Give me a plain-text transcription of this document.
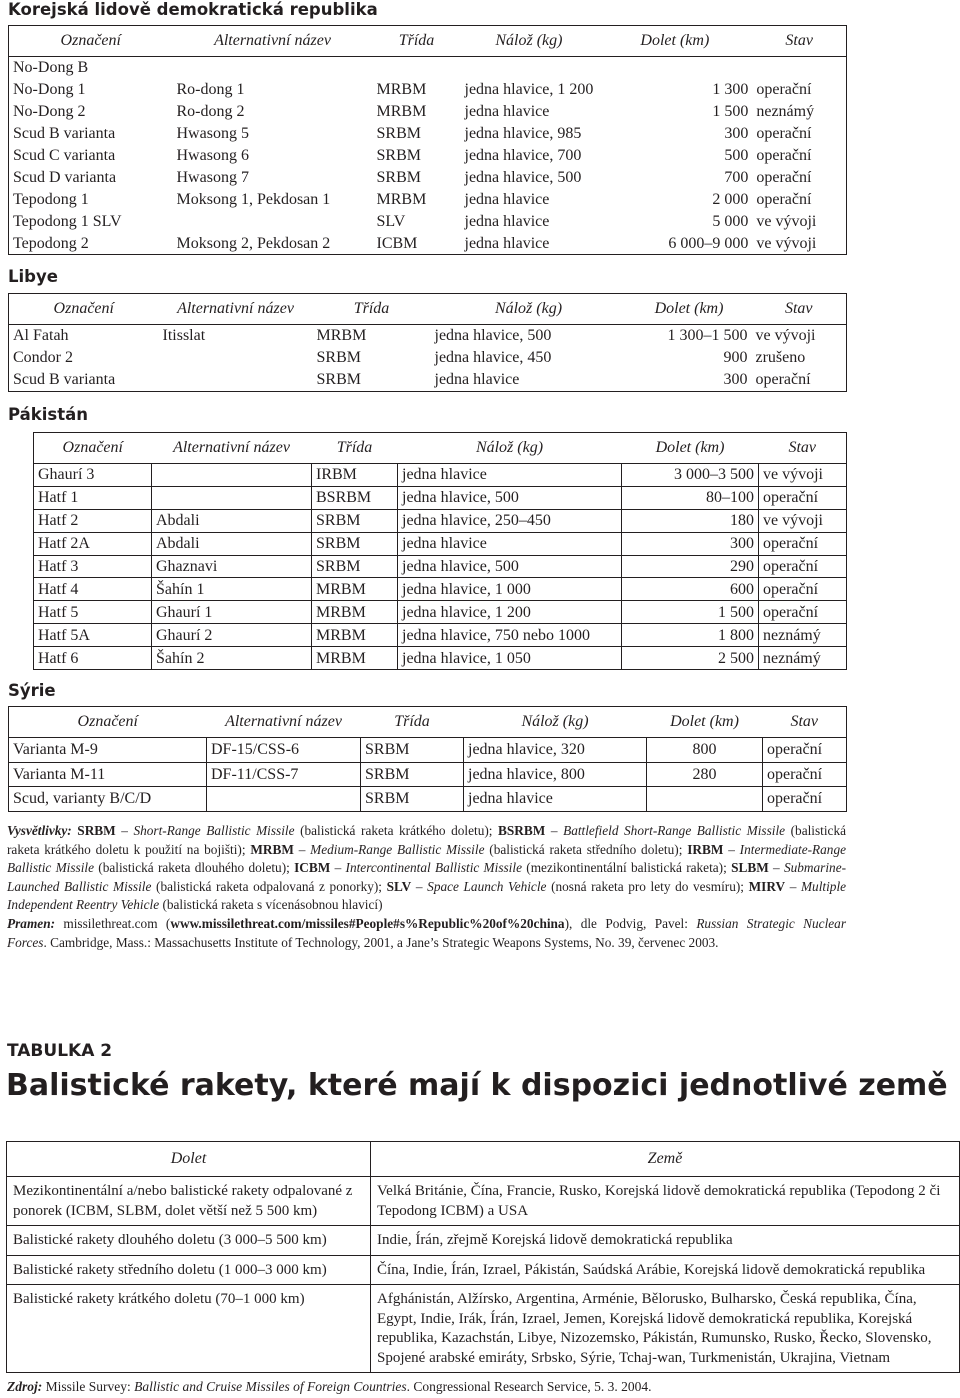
Korejská lidově demokratická republika
Označení	Alternativní název	Třída	Nálož (kg)	Dolet (km)	Stav
No-Dong B					
No-Dong 1	Ro-dong 1	MRBM	jedna hlavice, 1 200	1 300	operační
No-Dong 2	Ro-dong 2	MRBM	jedna hlavice	1 500	neznámý
Scud B varianta	Hwasong 5	SRBM	jedna hlavice, 985	300	operační
Scud C varianta	Hwasong 6	SRBM	jedna hlavice, 700	500	operační
Scud D varianta	Hwasong 7	SRBM	jedna hlavice, 500	700	operační
Tepodong 1	Moksong 1, Pekdosan 1	MRBM	jedna hlavice	2 000	operační
Tepodong 1 SLV		SLV	jedna hlavice	5 000	ve vývoji
Tepodong 2	Moksong 2, Pekdosan 2	ICBM	jedna hlavice	6 000–9 000	ve vývoji
Libye
Označení	Alternativní název	Třída	Nálož (kg)	Dolet (km)	Stav
Al Fatah	Itisslat	MRBM	jedna hlavice, 500	1 300–1 500	ve vývoji
Condor 2		SRBM	jedna hlavice, 450	900	zrušeno
Scud B varianta		SRBM	jedna hlavice	300	operační
Pákistán
Označení	Alternativní název	Třída	Nálož (kg)	Dolet (km)	Stav
Ghaurí 3		IRBM	jedna hlavice	3 000–3 500	ve vývoji
Hatf 1		BSRBM	jedna hlavice, 500	80–100	operační
Hatf 2	Abdali	SRBM	jedna hlavice, 250–450	180	ve vývoji
Hatf 2A	Abdali	SRBM	jedna hlavice	300	operační
Hatf 3	Ghaznavi	SRBM	jedna hlavice, 500	290	operační
Hatf 4	Šahín 1	MRBM	jedna hlavice, 1 000	600	operační
Hatf 5	Ghaurí 1	MRBM	jedna hlavice, 1 200	1 500	operační
Hatf 5A	Ghaurí 2	MRBM	jedna hlavice, 750 nebo 1000	1 800	neznámý
Hatf 6	Šahín 2	MRBM	jedna hlavice, 1 050	2 500	neznámý
Sýrie
Označení	Alternativní název	Třída	Nálož (kg)	Dolet (km)	Stav
Varianta M-9	DF-15/CSS-6	SRBM	jedna hlavice, 320	800	operační
Varianta M-11	DF-11/CSS-7	SRBM	jedna hlavice, 800	280	operační
Scud, varianty B/C/D		SRBM	jedna hlavice		operační
Vysvětlivky: SRBM – Short-Range Ballistic Missile (balistická raketa krátkého doletu); BSRBM – Battlefield Short-Range Ballistic Missile (balistická raketa krátkého doletu k použití na bojišti); MRBM – Medium-Range Ballistic Missile (balistická raketa středního doletu); IRBM – Intermediate-Range Ballistic Missile (balistická raketa dlouhého doletu); ICBM – Intercontinental Ballistic Missile (mezikontinentální balistická raketa); SLBM – Submarine-Launched Ballistic Missile (balistická raketa odpalovaná z ponorky); SLV – Space Launch Vehicle (nosná raketa pro lety do vesmíru); MIRV – Multiple Independent Reentry Vehicle (balistická raketa s vícenásobnou hlavicí)
Pramen: missilethreat.com (www.missilethreat.com/missiles#People#s%Republic%20of%20china), dle Podvig, Pavel: Russian Strategic Nuclear Forces. Cambridge, Mass.: Massachusetts Institute of Technology, 2001, a Jane’s Strategic Weapons Systems, No. 39, červenec 2003.
TABULKA 2
Balistické rakety, které mají k dispozici jednotlivé země
Dolet	Země
Mezikontinentální a/nebo balistické rakety odpalované z ponorek (ICBM, SLBM, dolet větší než 5 500 km)	Velká Británie, Čína, Francie, Rusko, Korejská lidově demokratická republika (Tepodong 2 či Tepodong ICBM) a USA
Balistické rakety dlouhého doletu (3 000–5 500 km)	Indie, Írán, zřejmě Korejská lidově demokratická republika
Balistické rakety středního doletu (1 000–3 000 km)	Čína, Indie, Írán, Izrael, Pákistán, Saúdská Arábie, Korejská lidově demokratická republika
Balistické rakety krátkého doletu (70–1 000 km)	Afghánistán, Alžírsko, Argentina, Arménie, Bělorusko, Bulharsko, Česká republika, Čína, Egypt, Indie, Irák, Írán, Izrael, Jemen, Korejská lidově demokratická republika, Korejská republika, Kazachstán, Libye, Nizozemsko, Pákistán, Rumunsko, Rusko, Řecko, Slovensko, Spojené arabské emiráty, Srbsko, Sýrie, Tchaj-wan, Turkmenistán, Ukrajina, Vietnam
Zdroj: Missile Survey: Ballistic and Cruise Missiles of Foreign Countries. Congressional Research Service, 5. 3. 2004.
